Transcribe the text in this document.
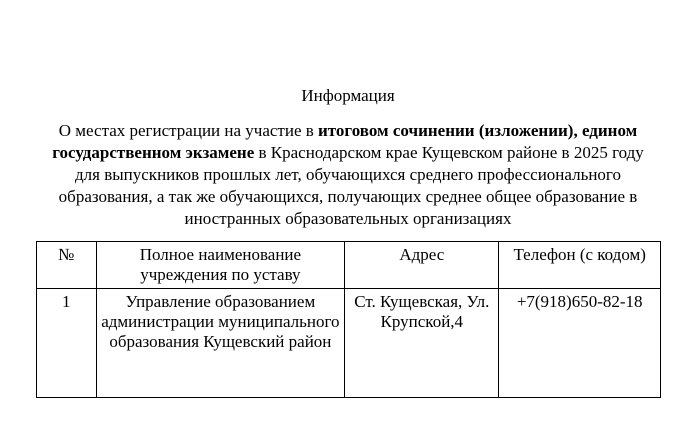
Информация
О местах регистрации на участие в итоговом сочинении (изложении), едином государственном экзамене в Краснодарском крае Кущевском районе в 2025 году для выпускников прошлых лет, обучающихся среднего профессионального образования, а так же обучающихся, получающих среднее общее образование в иностранных образовательных организациях
№	Полное наименование учреждения по уставу	Адрес	Телефон (с кодом)
1	Управление образованием администрации муниципального образования Кущевский район	Ст. Кущевская, Ул. Крупской,4	+7(918)650-82-18
